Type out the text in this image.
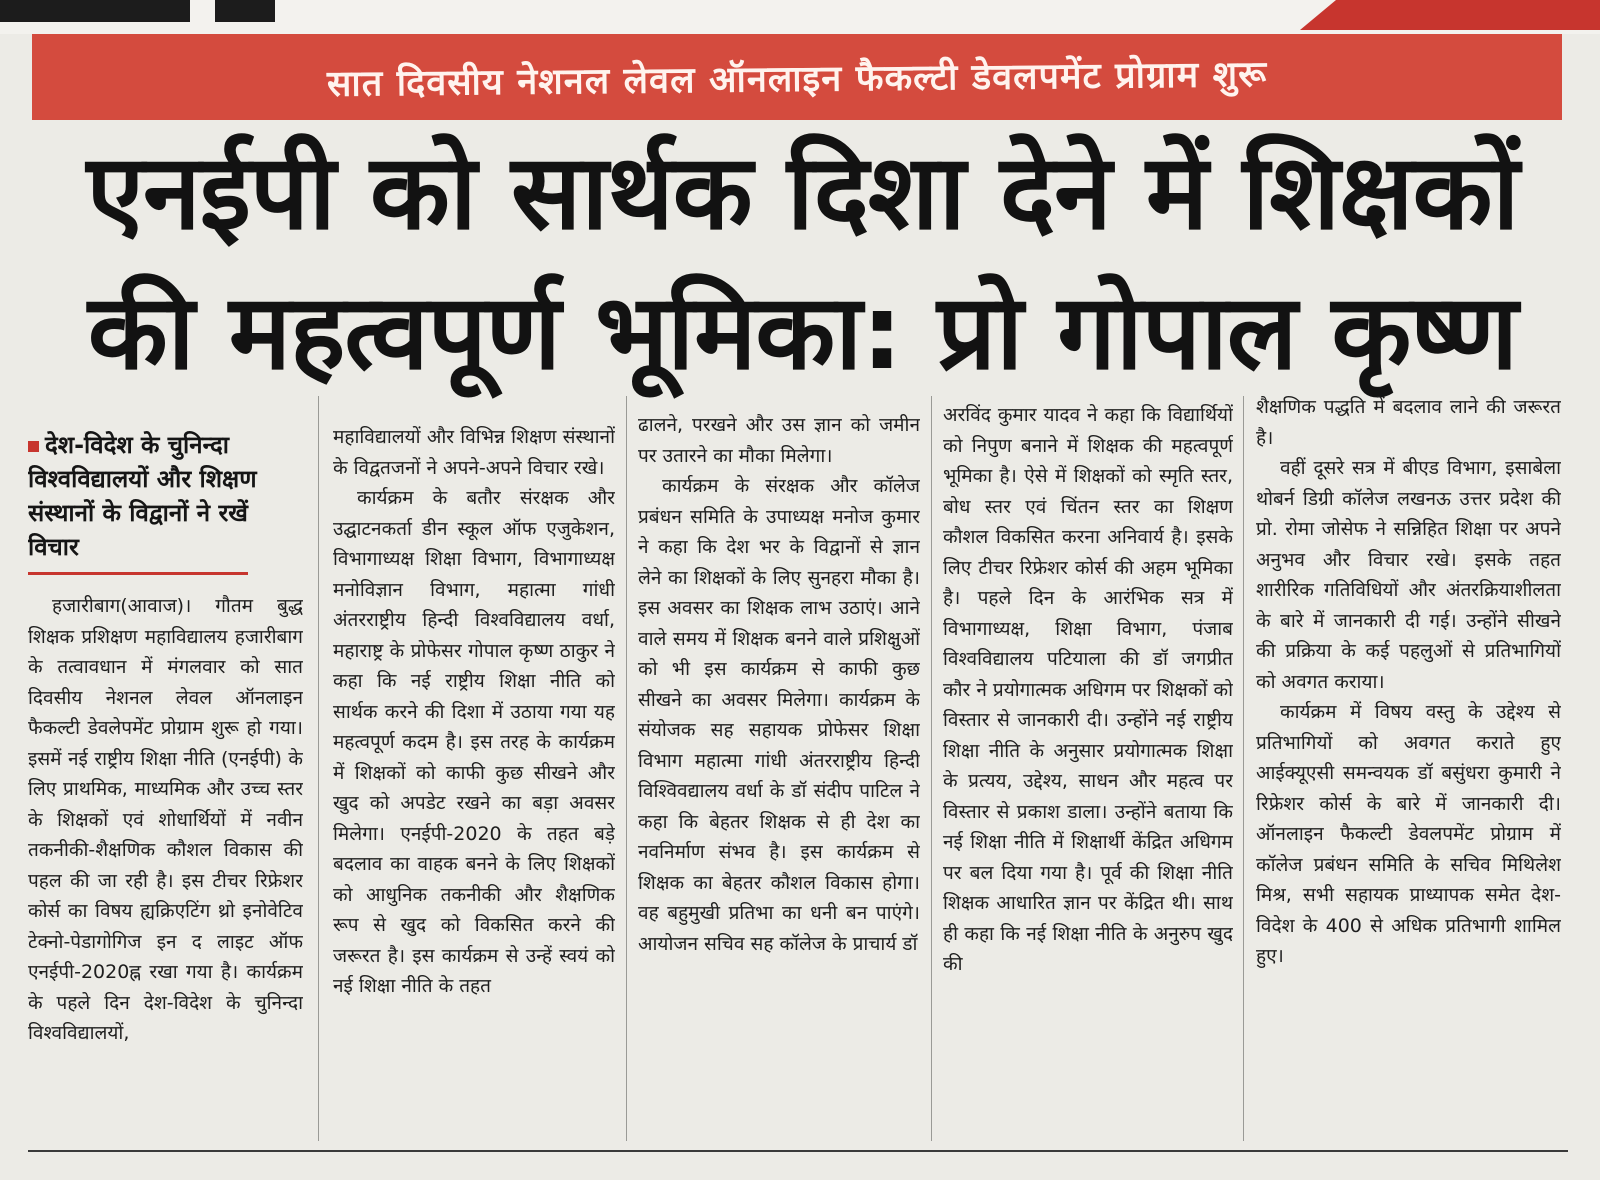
सात दिवसीय नेशनल लेवल ऑनलाइन फैकल्टी डेवलपमेंट प्रोग्राम शुरू
एनईपी को सार्थक दिशा देने में शिक्षकों
की महत्वपूर्ण भूमिका: प्रो गोपाल कृष्ण
देश-विदेश के चुनिन्दा विश्वविद्यालयों और शिक्षण संस्थानों के विद्वानों ने रखें विचार

हजारीबाग(आवाज)। गौतम बुद्ध शिक्षक प्रशिक्षण महाविद्यालय हजारीबाग के तत्वावधान में मंगलवार को सात दिवसीय नेशनल लेवल ऑनलाइन फैकल्टी डेवलेपमेंट प्रोग्राम शुरू हो गया। इसमें नई राष्ट्रीय शिक्षा नीति (एनईपी) के लिए प्राथमिक, माध्यमिक और उच्च स्तर के शिक्षकों एवं शोधार्थियों में नवीन तकनीकी-शैक्षणिक कौशल विकास की पहल की जा रही है। इस टीचर रिफ्रेशर कोर्स का विषय ह्यक्रिएटिंग थ्रो इनोवेटिव टेक्नो-पेडागोगिज इन द लाइट ऑफ एनईपी-2020ह्न रखा गया है। कार्यक्रम के पहले दिन देश-विदेश के चुनिन्दा विश्वविद्यालयों,

महाविद्यालयों और विभिन्न शिक्षण संस्थानों के विद्वतजनों ने अपने-अपने विचार रखे।

कार्यक्रम के बतौर संरक्षक और उद्घाटनकर्ता डीन स्कूल ऑफ एजुकेशन, विभागाध्यक्ष शिक्षा विभाग, विभागाध्यक्ष मनोविज्ञान विभाग, महात्मा गांधी अंतरराष्ट्रीय हिन्दी विश्वविद्यालय वर्धा, महाराष्ट्र के प्रोफेसर गोपाल कृष्ण ठाकुर ने कहा कि नई राष्ट्रीय शिक्षा नीति को सार्थक करने की दिशा में उठाया गया यह महत्वपूर्ण कदम है। इस तरह के कार्यक्रम में शिक्षकों को काफी कुछ सीखने और खुद को अपडेट रखने का बड़ा अवसर मिलेगा। एनईपी-2020 के तहत बड़े बदलाव का वाहक बनने के लिए शिक्षकों को आधुनिक तकनीकी और शैक्षणिक रूप से खुद को विकसित करने की जरूरत है। इस कार्यक्रम से उन्हें स्वयं को नई शिक्षा नीति के तहत

ढालने, परखने और उस ज्ञान को जमीन पर उतारने का मौका मिलेगा।

कार्यक्रम के संरक्षक और कॉलेज प्रबंधन समिति के उपाध्यक्ष मनोज कुमार ने कहा कि देश भर के विद्वानों से ज्ञान लेने का शिक्षकों के लिए सुनहरा मौका है। इस अवसर का शिक्षक लाभ उठाएं। आने वाले समय में शिक्षक बनने वाले प्रशिक्षुओं को भी इस कार्यक्रम से काफी कुछ सीखने का अवसर मिलेगा। कार्यक्रम के संयोजक सह सहायक प्रोफेसर शिक्षा विभाग महात्मा गांधी अंतरराष्ट्रीय हिन्दी विश्विवद्यालय वर्धा के डॉ संदीप पाटिल ने कहा कि बेहतर शिक्षक से ही देश का नवनिर्माण संभव है। इस कार्यक्रम से शिक्षक का बेहतर कौशल विकास होगा। वह बहुमुखी प्रतिभा का धनी बन पाएंगे। आयोजन सचिव सह कॉलेज के प्राचार्य डॉ

अरविंद कुमार यादव ने कहा कि विद्यार्थियों को निपुण बनाने में शिक्षक की महत्वपूर्ण भूमिका है। ऐसे में शिक्षकों को स्मृति स्तर, बोध स्तर एवं चिंतन स्तर का शिक्षण कौशल विकसित करना अनिवार्य है। इसके लिए टीचर रिफ्रेशर कोर्स की अहम भूमिका है। पहले दिन के आरंभिक सत्र में विभागाध्यक्ष, शिक्षा विभाग, पंजाब विश्वविद्यालय पटियाला की डॉ जगप्रीत कौर ने प्रयोगात्मक अधिगम पर शिक्षकों को विस्तार से जानकारी दी। उन्होंने नई राष्ट्रीय शिक्षा नीति के अनुसार प्रयोगात्मक शिक्षा के प्रत्यय, उद्देश्य, साधन और महत्व पर विस्तार से प्रकाश डाला। उन्होंने बताया कि नई शिक्षा नीति में शिक्षार्थी केंद्रित अधिगम पर बल दिया गया है। पूर्व की शिक्षा नीति शिक्षक आधारित ज्ञान पर केंद्रित थी। साथ ही कहा कि नई शिक्षा नीति के अनुरुप खुद की

शैक्षणिक पद्धति में बदलाव लाने की जरूरत है।

वहीं दूसरे सत्र में बीएड विभाग, इसाबेला थोबर्न डिग्री कॉलेज लखनऊ उत्तर प्रदेश की प्रो. रोमा जोसेफ ने सन्निहित शिक्षा पर अपने अनुभव और विचार रखे। इसके तहत शारीरिक गतिविधियों और अंतरक्रियाशीलता के बारे में जानकारी दी गई। उन्होंने सीखने की प्रक्रिया के कई पहलुओं से प्रतिभागियों को अवगत कराया।

कार्यक्रम में विषय वस्तु के उद्देश्य से प्रतिभागियों को अवगत कराते हुए आईक्यूएसी समन्वयक डॉ बसुंधरा कुमारी ने रिफ्रेशर कोर्स के बारे में जानकारी दी। ऑनलाइन फैकल्टी डेवलपमेंट प्रोग्राम में कॉलेज प्रबंधन समिति के सचिव मिथिलेश मिश्र, सभी सहायक प्राध्यापक समेत देश-विदेश के 400 से अधिक प्रतिभागी शामिल हुए।
